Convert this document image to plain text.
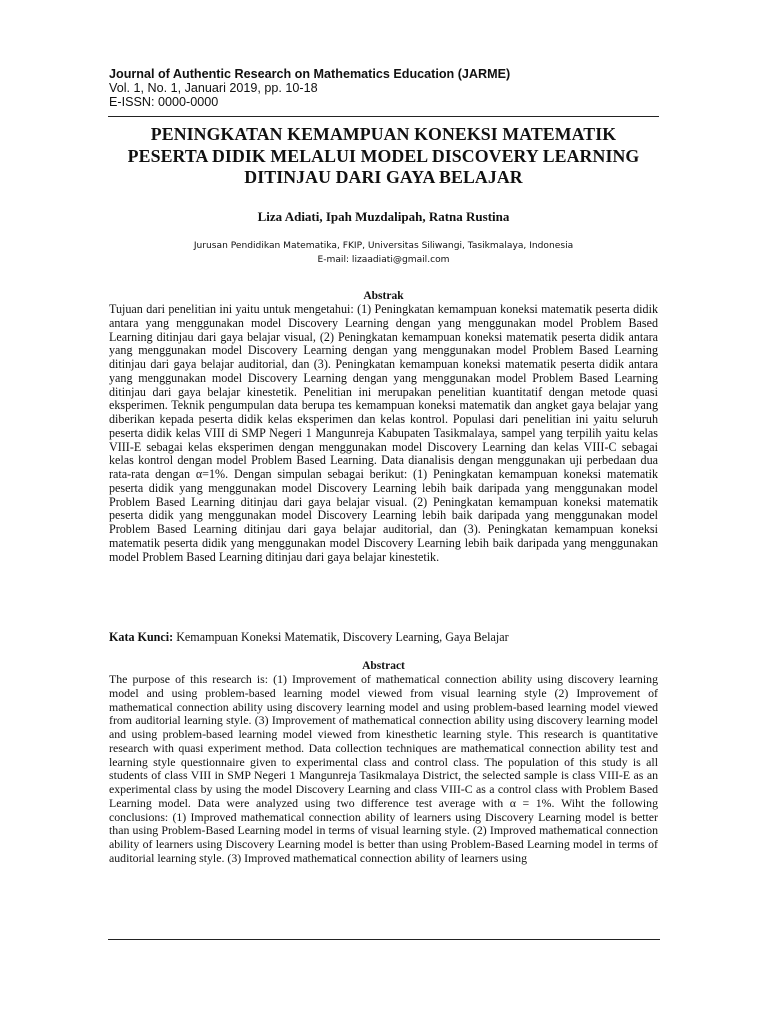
Journal of Authentic Research on Mathematics Education (JARME)
Vol. 1, No. 1, Januari 2019, pp. 10-18
E-ISSN: 0000-0000
PENINGKATAN KEMAMPUAN KONEKSI MATEMATIK
PESERTA DIDIK MELALUI MODEL DISCOVERY LEARNING
DITINJAU DARI GAYA BELAJAR
Liza Adiati, Ipah Muzdalipah, Ratna Rustina
Jurusan Pendidikan Matematika, FKIP, Universitas Siliwangi, Tasikmalaya, Indonesia
E-mail: lizaadiati@gmail.com
Abstrak

Tujuan dari penelitian ini yaitu untuk mengetahui: (1) Peningkatan kemampuan koneksi matematik peserta didik antara yang menggunakan model Discovery Learning dengan yang menggunakan model Problem Based Learning ditinjau dari gaya belajar visual, (2) Peningkatan kemampuan koneksi matematik peserta didik antara yang menggunakan model Discovery Learning dengan yang menggunakan model Problem Based Learning ditinjau dari gaya belajar auditorial, dan (3). Peningkatan kemampuan koneksi matematik peserta didik antara yang menggunakan model Discovery Learning dengan yang menggunakan model Problem Based Learning ditinjau dari gaya belajar kinestetik. Penelitian ini merupakan penelitian kuantitatif dengan metode quasi eksperimen. Teknik pengumpulan data berupa tes kemampuan koneksi matematik dan angket gaya belajar yang diberikan kepada peserta didik kelas eksperimen dan kelas kontrol. Populasi dari penelitian ini yaitu seluruh peserta didik kelas VIII di SMP Negeri 1 Mangunreja Kabupaten Tasikmalaya, sampel yang terpilih yaitu kelas VIII-E sebagai kelas eksperimen dengan menggunakan model Discovery Learning dan kelas VIII-C sebagai kelas kontrol dengan model Problem Based Learning. Data dianalisis dengan menggunakan uji perbedaan dua rata-rata dengan α=1%. Dengan simpulan sebagai berikut: (1) Peningkatan kemampuan koneksi matematik peserta didik yang menggunakan model Discovery Learning lebih baik daripada yang menggunakan model Problem Based Learning ditinjau dari gaya belajar visual. (2) Peningkatan kemampuan koneksi matematik peserta didik yang menggunakan model Discovery Learning lebih baik daripada yang menggunakan model Problem Based Learning ditinjau dari gaya belajar auditorial, dan (3). Peningkatan kemampuan koneksi matematik peserta didik yang menggunakan model Discovery Learning lebih baik daripada yang menggunakan model Problem Based Learning ditinjau dari gaya belajar kinestetik.

Kata Kunci: Kemampuan Koneksi Matematik, Discovery Learning, Gaya Belajar
Abstract

The purpose of this research is: (1) Improvement of mathematical connection ability using discovery learning model and using problem-based learning model viewed from visual learning style (2) Improvement of mathematical connection ability using discovery learning model and using problem-based learning model viewed from auditorial learning style. (3) Improvement of mathematical connection ability using discovery learning model and using problem-based learning model viewed from kinesthetic learning style. This research is quantitative research with quasi experiment method. Data collection techniques are mathematical connection ability test and learning style questionnaire given to experimental class and control class. The population of this study is all students of class VIII in SMP Negeri 1 Mangunreja Tasikmalaya District, the selected sample is class VIII-E as an experimental class by using the model Discovery Learning and class VIII-C as a control class with Problem Based Learning model. Data were analyzed using two difference test average with α = 1%. Wiht the following conclusions: (1) Improved mathematical connection ability of learners using Discovery Learning model is better than using Problem-Based Learning model in terms of visual learning style. (2) Improved mathematical connection ability of learners using Discovery Learning model is better than using Problem-Based Learning model in terms of auditorial learning style. (3) Improved mathematical connection ability of learners using
